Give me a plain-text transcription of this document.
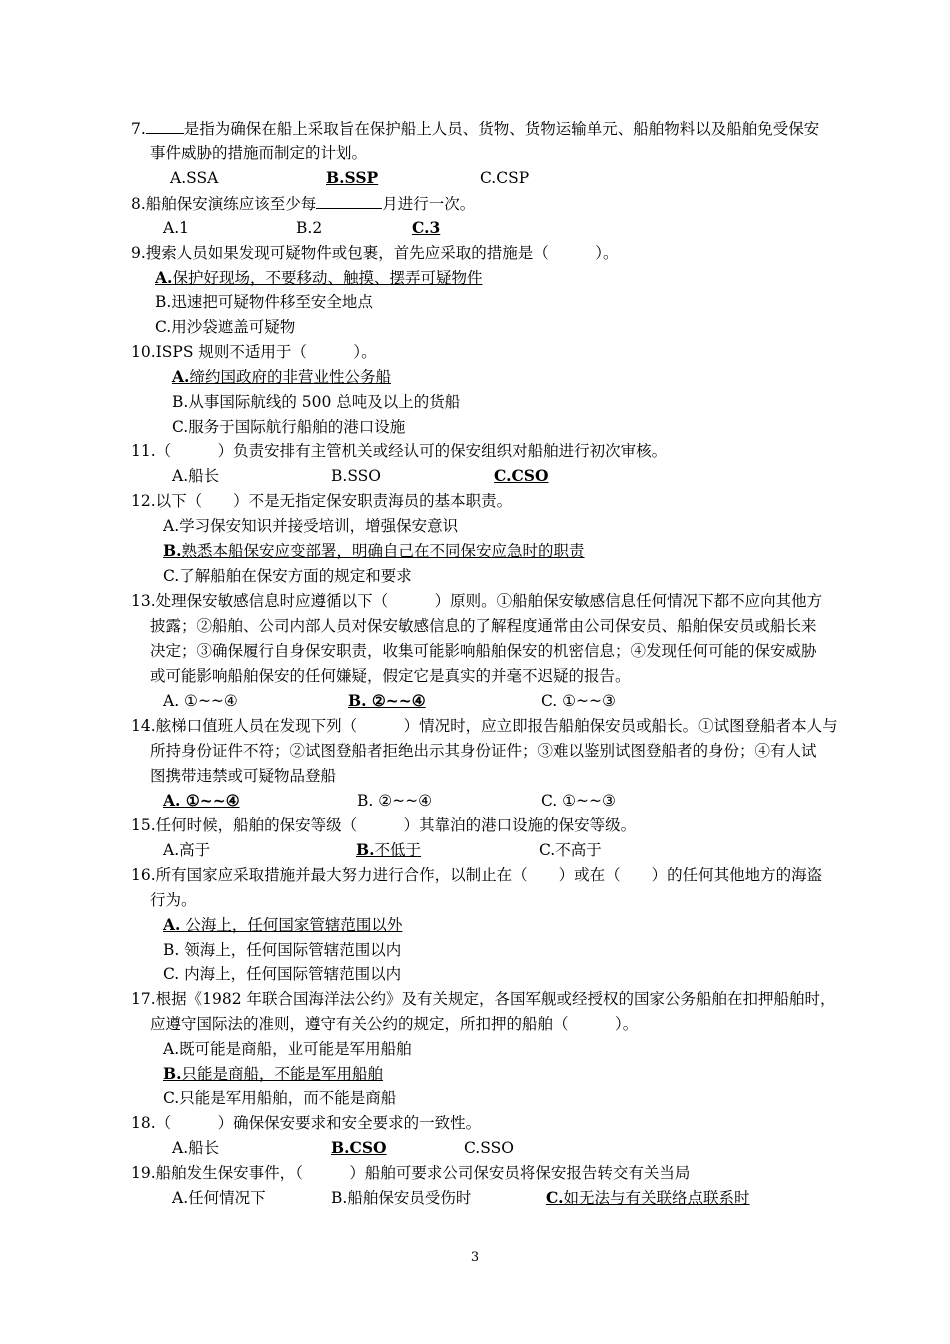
7. 是指为确保在船上采取旨在保护船上人员、货物、货物运输单元、船舶物料以及船舶免受保安
事件威胁的措施而制定的计划。
A.SSA	B.SSP	C.CSP
8.船舶保安演练应该至少每	月进行一次。
A.1	B.2	C.3
9.搜索人员如果发现可疑物件或包裹，首先应采取的措施是（　　　）。
A.保护好现场，不要移动、触摸、摆弄可疑物件
B.迅速把可疑物件移至安全地点
C.用沙袋遮盖可疑物
10.ISPS 规则不适用于（　　　）。
A.缔约国政府的非营业性公务船
B.从事国际航线的 500 总吨及以上的货船
C.服务于国际航行船舶的港口设施
11.（　　　）负责安排有主管机关或经认可的保安组织对船舶进行初次审核。
A.船长	B.SSO	C.CSO
12.以下（　　）不是无指定保安职责海员的基本职责。
A.学习保安知识并接受培训，增强保安意识
B.熟悉本船保安应变部署，明确自己在不同保安应急时的职责
C.了解船舶在保安方面的规定和要求
13.处理保安敏感信息时应遵循以下（　　　）原则。①船舶保安敏感信息任何情况下都不应向其他方
披露；②船舶、公司内部人员对保安敏感信息的了解程度通常由公司保安员、船舶保安员或船长来
决定；③确保履行自身保安职责，收集可能影响船舶保安的机密信息；④发现任何可能的保安威胁
或可能影响船舶保安的任何嫌疑，假定它是真实的并毫不迟疑的报告。
A. ①~~④	B. ②~~④	C. ①~~③
14.舷梯口值班人员在发现下列（　　　）情况时，应立即报告船舶保安员或船长。①试图登船者本人与
所持身份证件不符；②试图登船者拒绝出示其身份证件；③难以鉴别试图登船者的身份；④有人试
图携带违禁或可疑物品登船
A. ①~~④	B. ②~~④	C. ①~~③
15.任何时候，船舶的保安等级（　　　）其靠泊的港口设施的保安等级。
A.高于	B.不低于	C.不高于
16.所有国家应采取措施并最大努力进行合作，以制止在（　　）或在（　　）的任何其他地方的海盗
行为。
A. 公海上，任何国家管辖范围以外
B. 领海上，任何国际管辖范围以内
C. 内海上，任何国际管辖范围以内
17.根据《1982 年联合国海洋法公约》及有关规定，各国军舰或经授权的国家公务船舶在扣押船舶时，
应遵守国际法的准则，遵守有关公约的规定，所扣押的船舶（　　　）。
A.既可能是商船，业可能是军用船舶
B.只能是商船，不能是军用船舶
C.只能是军用船舶，而不能是商船
18.（　　　）确保保安要求和安全要求的一致性。
A.船长	B.CSO	C.SSO
19.船舶发生保安事件，（　　　）船舶可要求公司保安员将保安报告转交有关当局
A.任何情况下	B.船舶保安员受伤时	C.如无法与有关联络点联系时
3
